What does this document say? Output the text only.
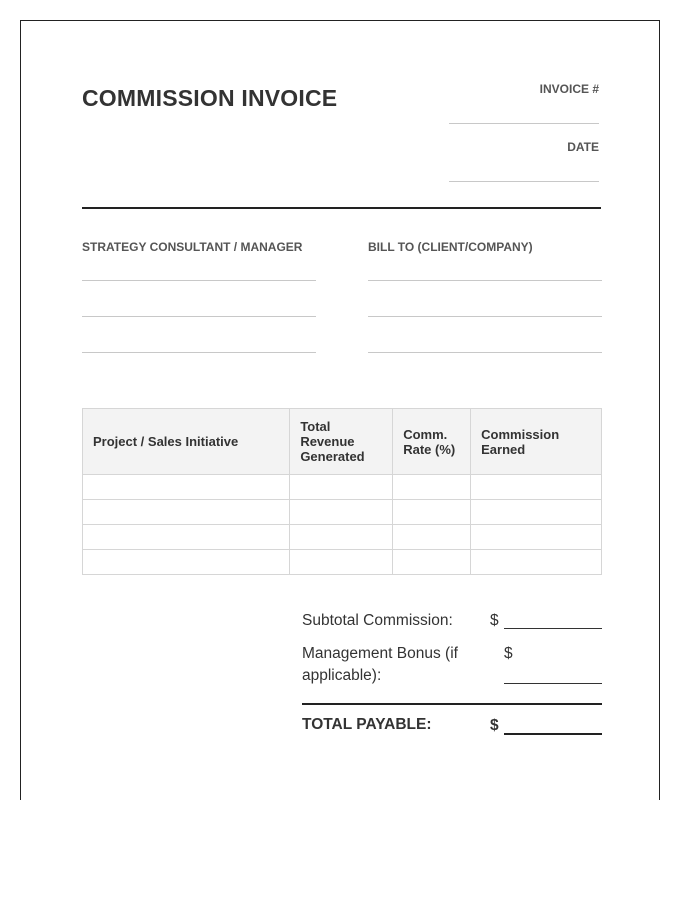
COMMISSION INVOICE	INVOICE #
DATE
STRATEGY CONSULTANT / MANAGER	BILL TO (CLIENT/COMPANY)
Project / Sales Initiative	Total Revenue Generated	Comm. Rate (%)	Commission Earned

Subtotal Commission: $
Management Bonus (if applicable):
$
TOTAL PAYABLE:	$
